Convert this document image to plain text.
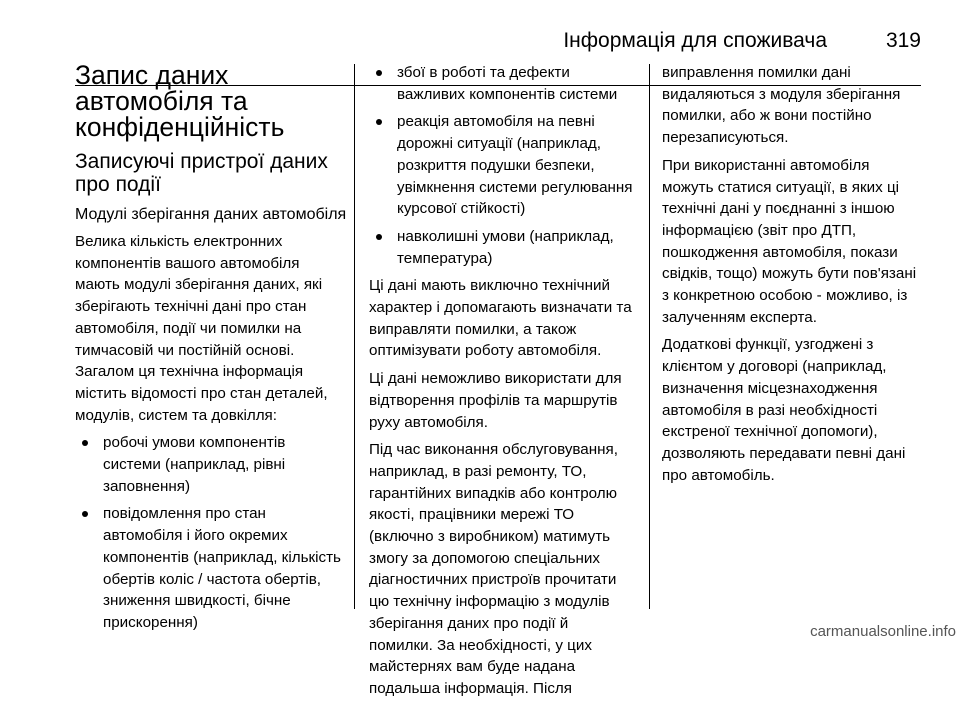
Інформація для споживача	319
Запис даних автомобіля та конфіденційність
Записуючі пристрої даних про події
Модулі зберігання даних автомобіля

Велика кількість електронних компонентів вашого автомобіля мають модулі зберігання даних, які зберігають технічні дані про стан автомобіля, події чи помилки на тимчасовій чи постійній основі. Загалом ця технічна інформація містить відомості про стан деталей, модулів, систем та довкілля:

робочі умови компонентів системи (наприклад, рівні заповнення)
повідомлення про стан автомобіля і його окремих компонентів (наприклад, кількість обертів коліс / частота обертів, зниження швидкості, бічне прискорення)
збої в роботі та дефекти важливих компонентів системи
реакція автомобіля на певні дорожні ситуації (наприклад, розкриття подушки безпеки, увімкнення системи регулювання курсової стійкості)
навколишні умови (наприклад, температура)

Ці дані мають виключно технічний характер і допомагають визначати та виправляти помилки, а також оптимізувати роботу автомобіля.

Ці дані неможливо використати для відтворення профілів та маршрутів руху автомобіля.

Під час виконання обслуговування, наприклад, в разі ремонту, ТО, гарантійних випадків або контролю якості, працівники мережі ТО (включно з виробником) матимуть змогу за допомогою спеціальних діагностичних пристроїв прочитати цю технічну інформацію з модулів зберігання даних про події й помилки. За необхідності, у цих майстернях вам буде надана подальша інформація. Після

виправлення помилки дані видаляються з модуля зберігання помилки, або ж вони постійно перезаписуються.

При використанні автомобіля можуть статися ситуації, в яких ці технічні дані у поєднанні з іншою інформацією (звіт про ДТП, пошкодження автомобіля, покази свідків, тощо) можуть бути пов'язані з конкретною особою - можливо, із залученням експерта.

Додаткові функції, узгоджені з клієнтом у договорі (наприклад, визначення місцезнаходження автомобіля в разі необхідності екстреної технічної допомоги), дозволяють передавати певні дані про автомобіль.

carmanualsonline.info
